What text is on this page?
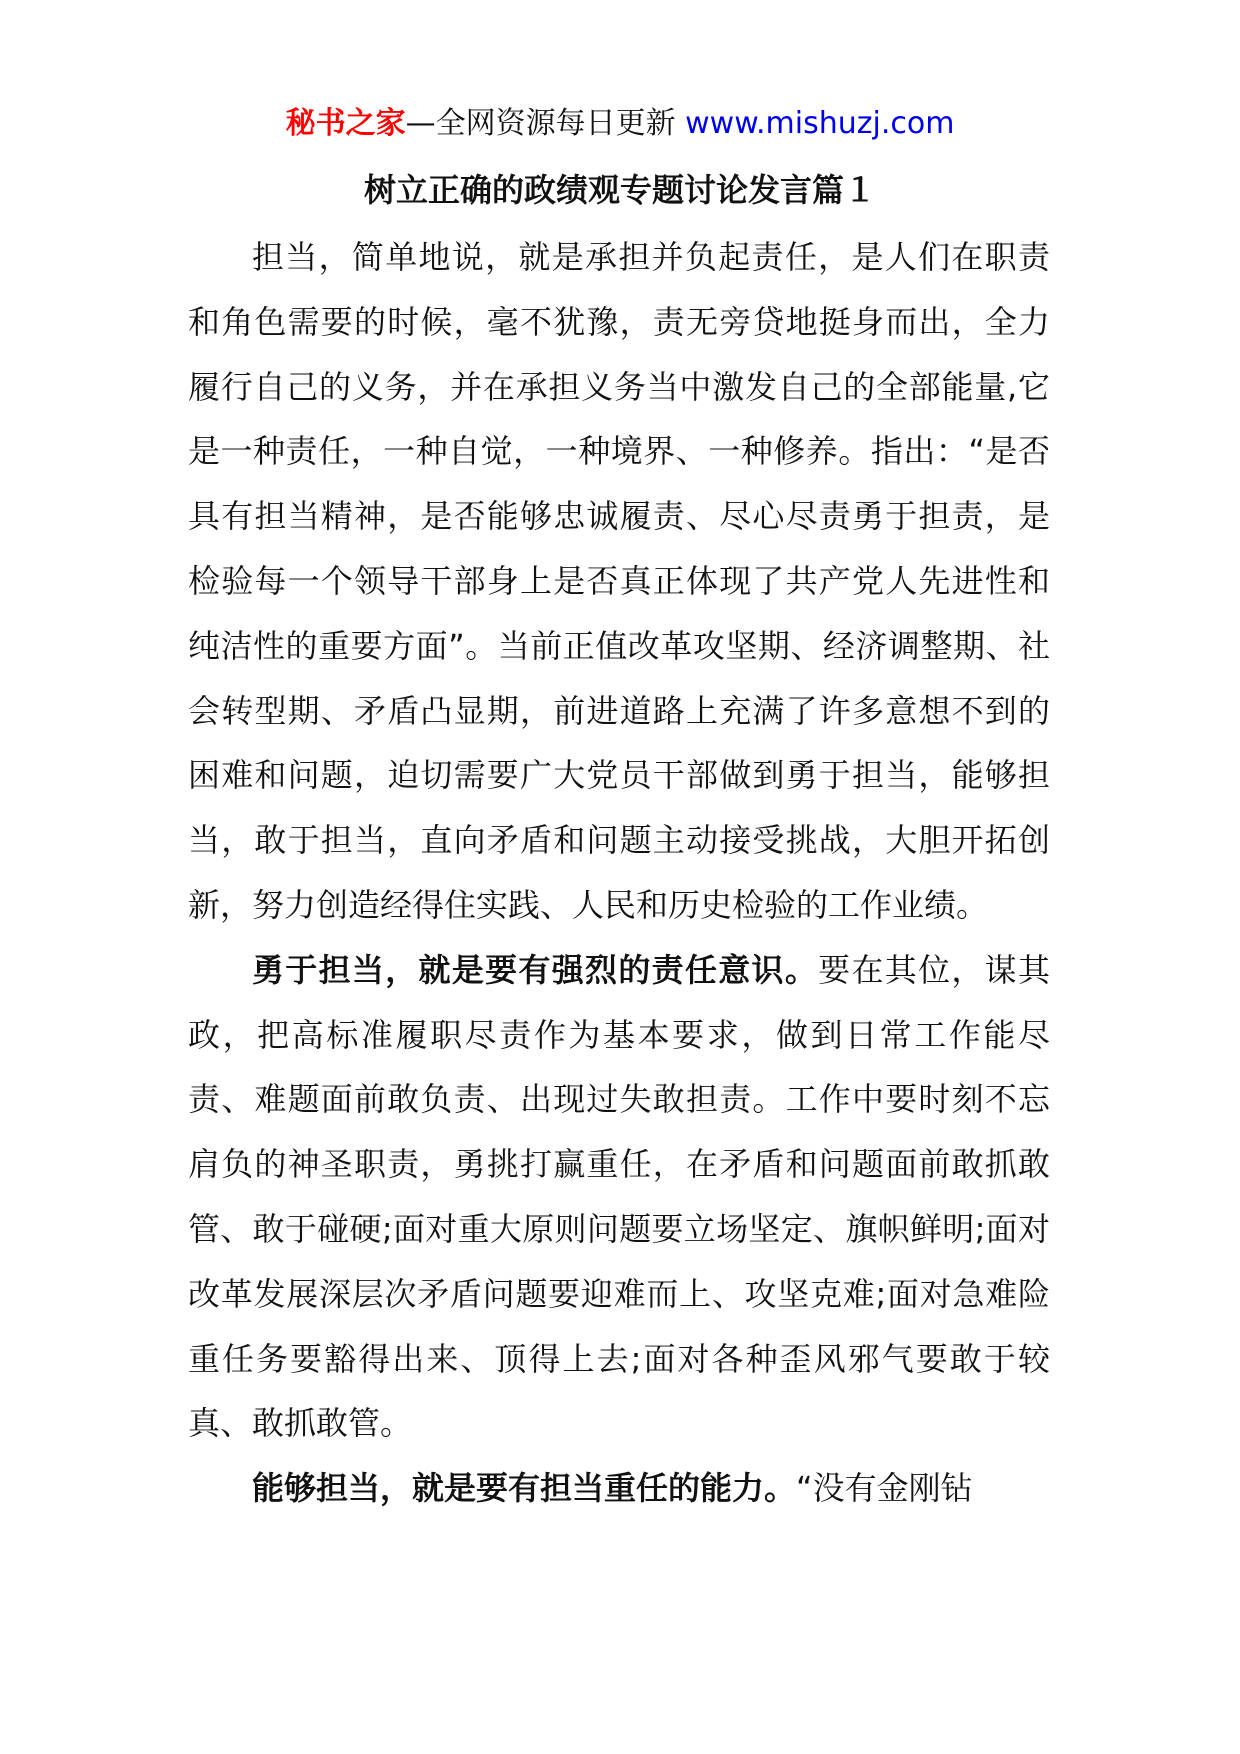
秘书之家—全网资源每日更新 www.mishuzj.com
树立正确的政绩观专题讨论发言篇１

担当，简单地说，就是承担并负起责任，是人们在职责和角色需要的时候，毫不犹豫，责无旁贷地挺身而出，全力履行自己的义务，并在承担义务当中激发自己的全部能量,它是一种责任，一种自觉，一种境界、一种修养。指出：“是否具有担当精神，是否能够忠诚履责、尽心尽责勇于担责，是检验每一个领导干部身上是否真正体现了共产党人先进性和纯洁性的重要方面”。当前正值改革攻坚期、经济调整期、社会转型期、矛盾凸显期，前进道路上充满了许多意想不到的困难和问题，迫切需要广大党员干部做到勇于担当，能够担当，敢于担当，直向矛盾和问题主动接受挑战，大胆开拓创新，努力创造经得住实践、人民和历史检验的工作业绩。

勇于担当，就是要有强烈的责任意识。要在其位，谋其政，把高标准履职尽责作为基本要求，做到日常工作能尽责、难题面前敢负责、出现过失敢担责。工作中要时刻不忘肩负的神圣职责，勇挑打赢重任，在矛盾和问题面前敢抓敢管、敢于碰硬;面对重大原则问题要立场坚定、旗帜鲜明;面对改革发展深层次矛盾问题要迎难而上、攻坚克难;面对急难险重任务要豁得出来、顶得上去;面对各种歪风邪气要敢于较真、敢抓敢管。

能够担当，就是要有担当重任的能力。“没有金刚钻
